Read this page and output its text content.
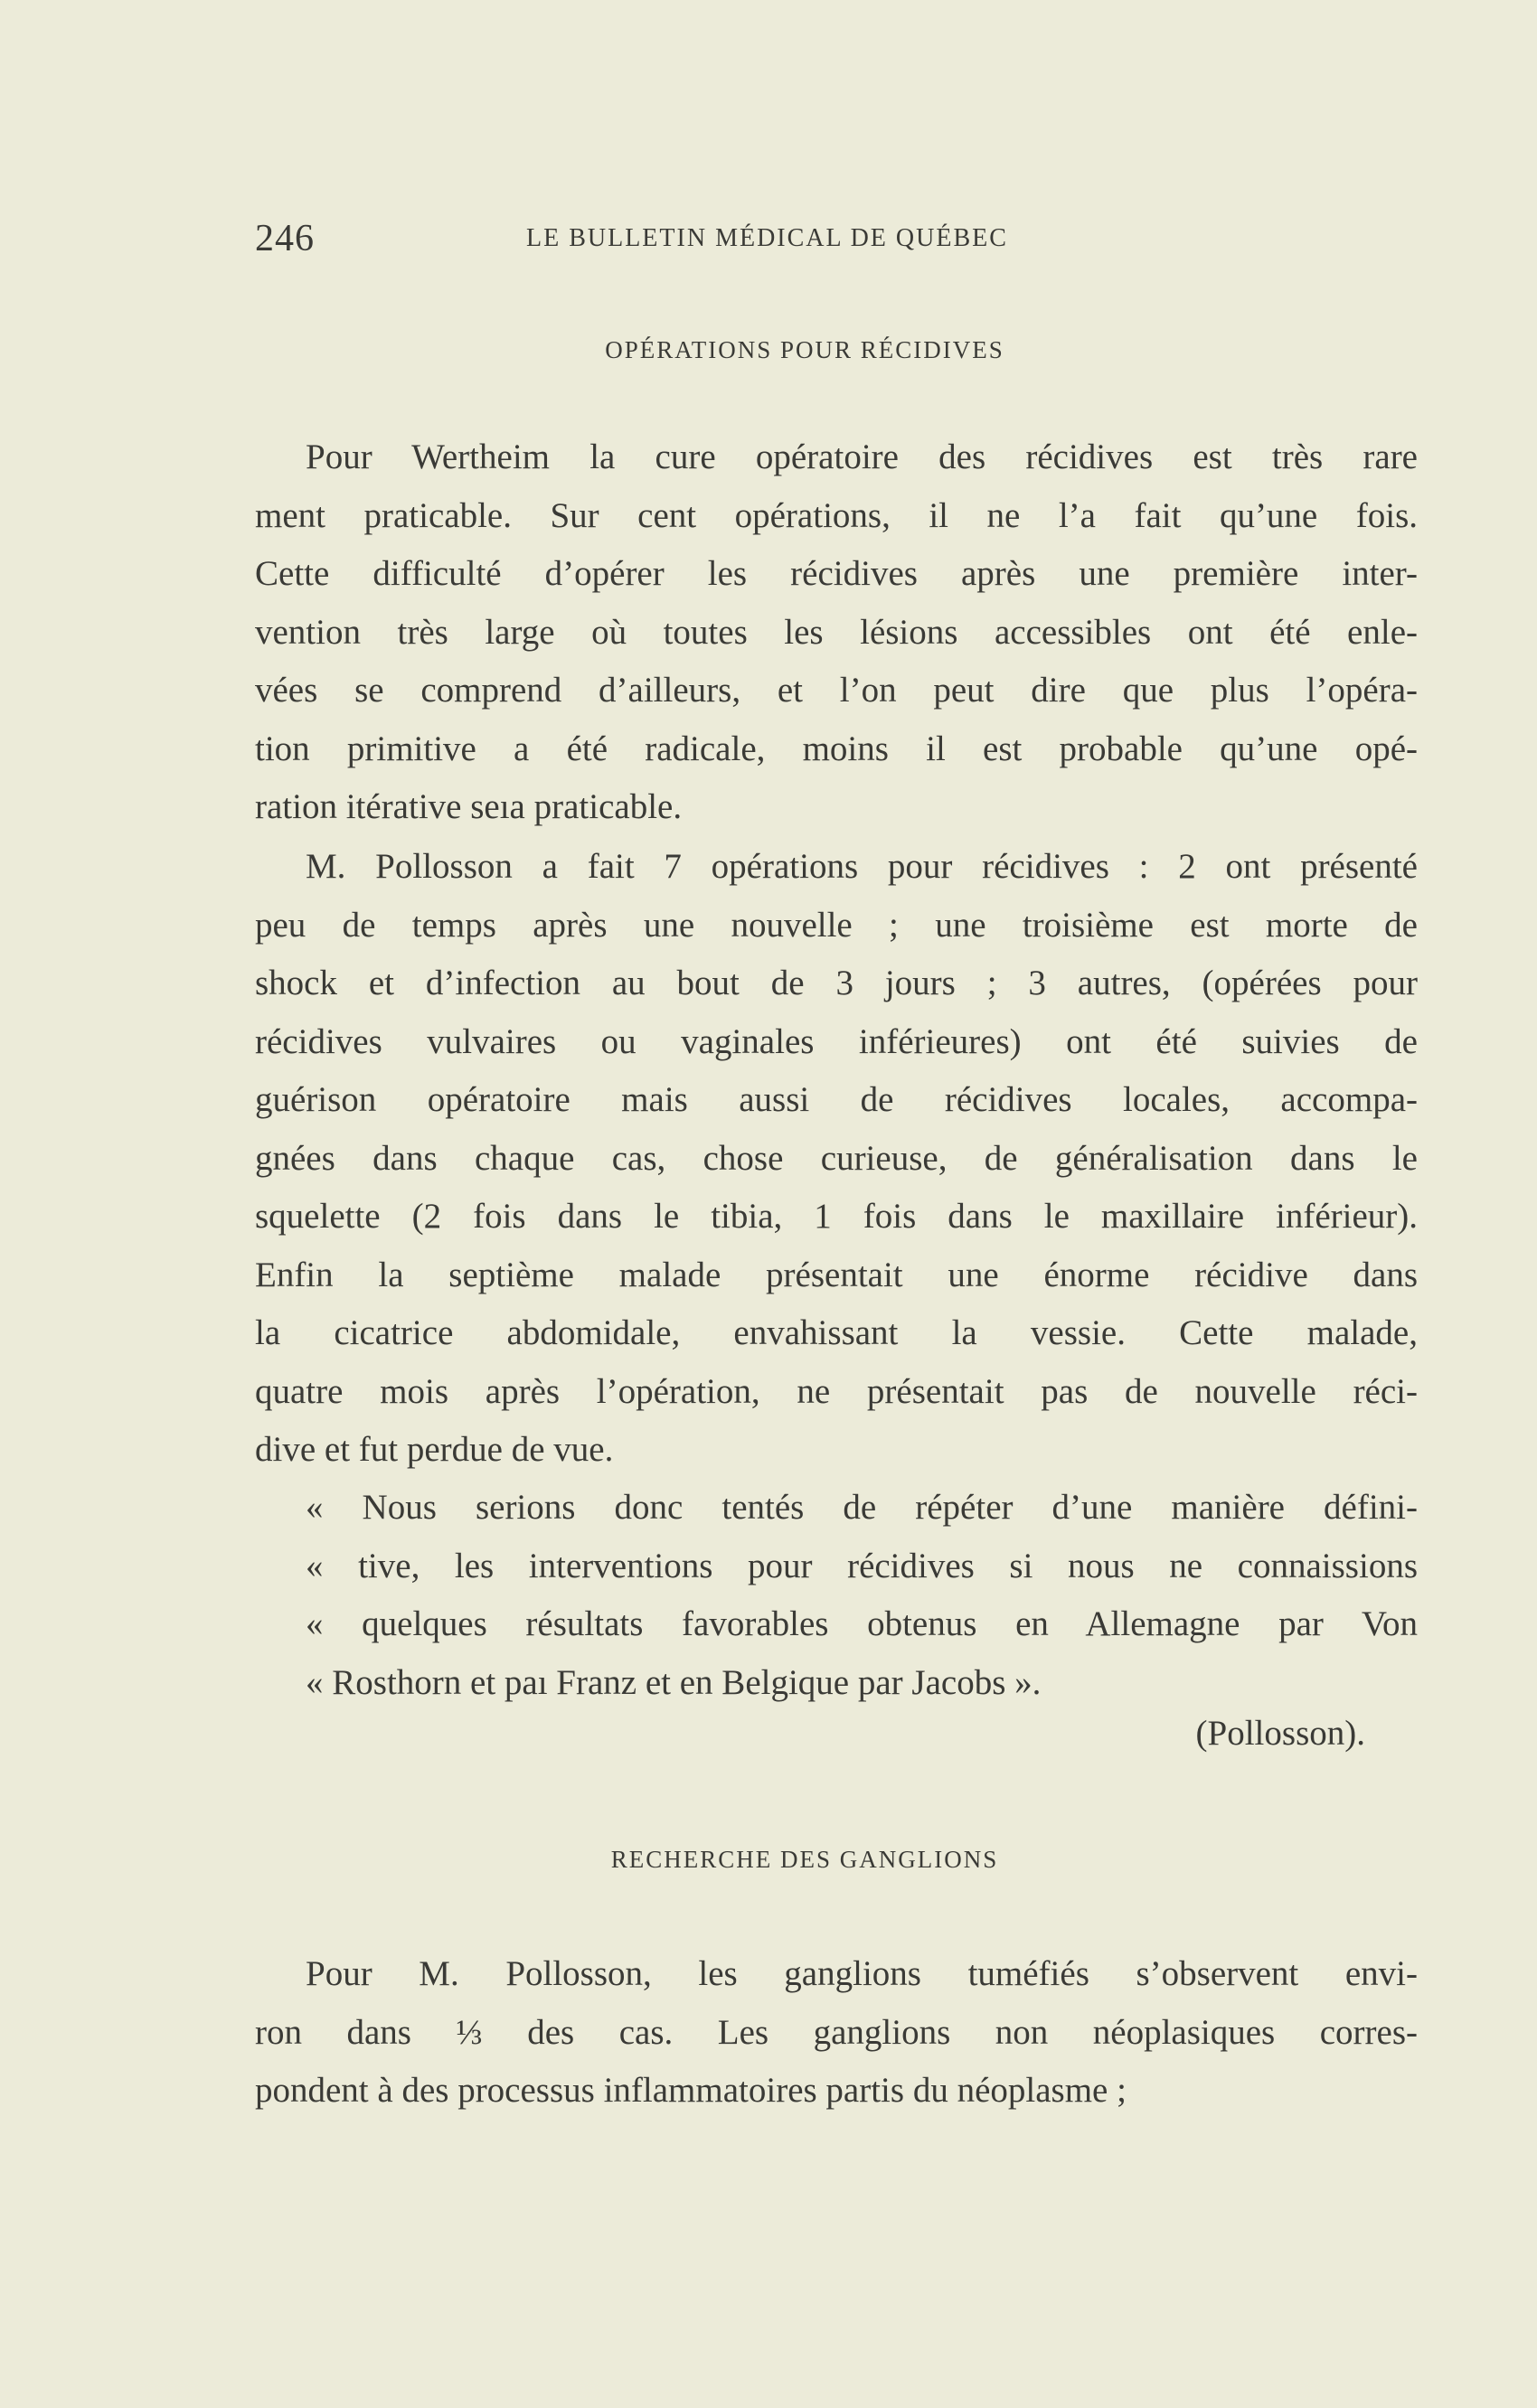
246	LE BULLETIN MÉDICAL DE QUÉBEC
OPÉRATIONS POUR RÉCIDIVES
Pour Wertheim la cure opératoire des récidives est très rare
ment praticable. Sur cent opérations, il ne l’a fait qu’une fois.
Cette difficulté d’opérer les récidives après une première inter-
vention très large où toutes les lésions accessibles ont été enle-
vées se comprend d’ailleurs, et l’on peut dire que plus l’opéra-
tion primitive a été radicale, moins il est probable qu’une opé-
ration itérative seıa praticable.
M. Pollosson a fait 7 opérations pour récidives : 2 ont présenté
peu de temps après une nouvelle ; une troisième est morte de
shock et d’infection au bout de 3 jours ; 3 autres, (opérées pour
récidives vulvaires ou vaginales inférieures) ont été suivies de
guérison opératoire mais aussi de récidives locales, accompa-
gnées dans chaque cas, chose curieuse, de généralisation dans le
squelette (2 fois dans le tibia, 1 fois dans le maxillaire inférieur).
Enfin la septième malade présentait une énorme récidive dans
la cicatrice abdomidale, envahissant la vessie. Cette malade,
quatre mois après l’opération, ne présentait pas de nouvelle réci-
dive et fut perdue de vue.
« Nous serions donc tentés de répéter d’une manière défini-
« tive, les interventions pour récidives si nous ne connaissions
« quelques résultats favorables obtenus en Allemagne par Von
« Rosthorn et paı Franz et en Belgique par Jacobs ».
(Pollosson).
RECHERCHE DES GANGLIONS
Pour M. Pollosson, les ganglions tuméfiés s’observent envi-
ron dans ⅓ des cas. Les ganglions non néoplasiques corres-
pondent à des processus inflammatoires partis du néoplasme ;
